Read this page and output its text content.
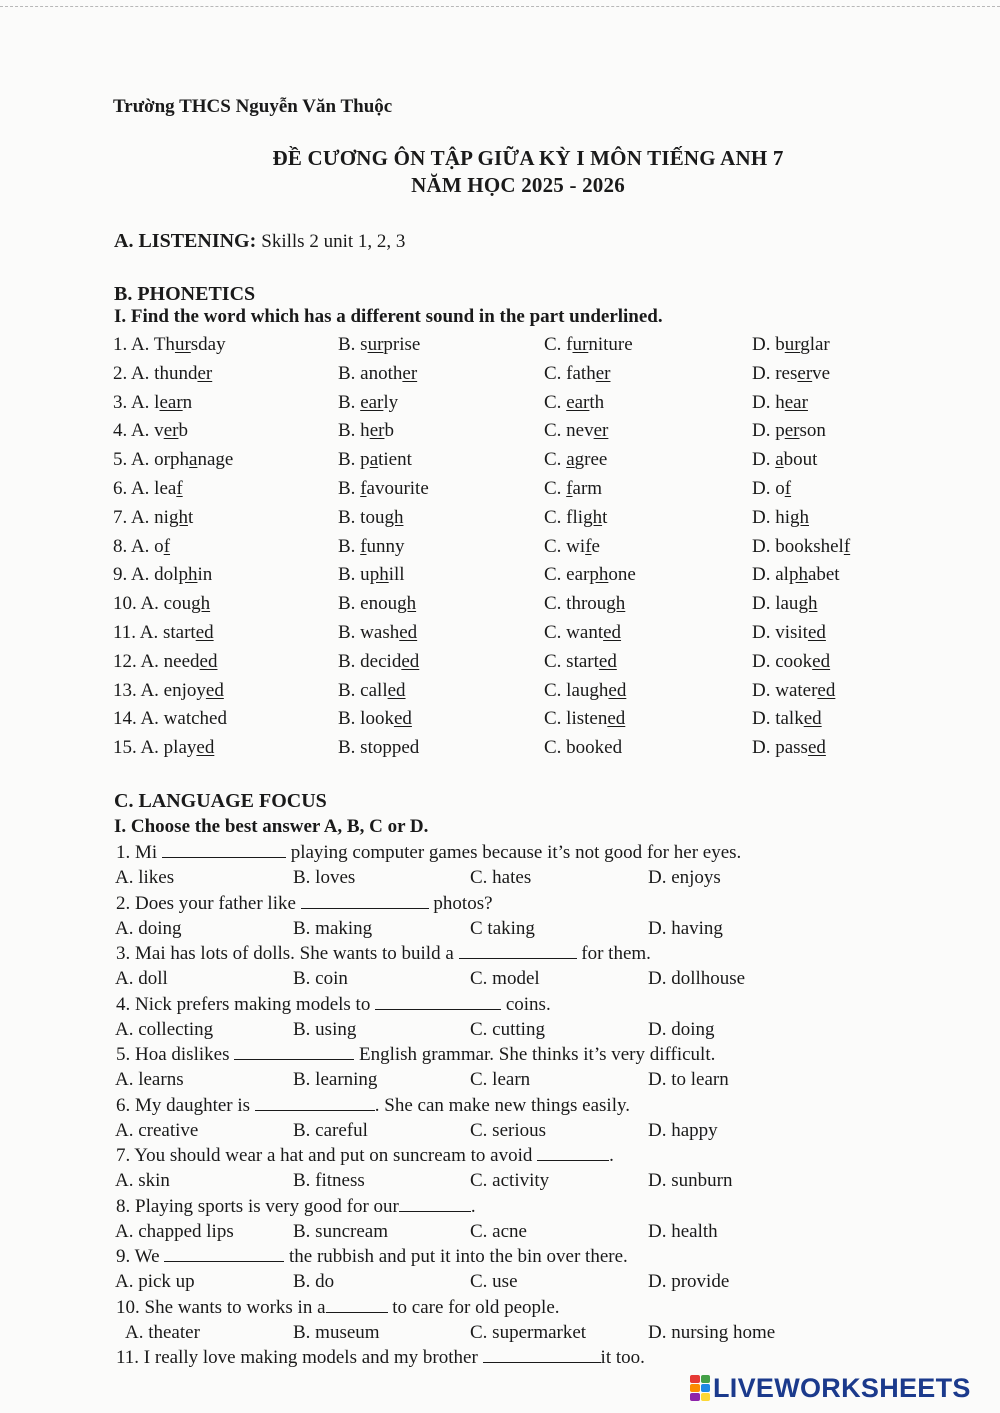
Trường THCS Nguyễn Văn Thuộc
ĐỀ CƯƠNG ÔN TẬP GIỮA KỲ I MÔN TIẾNG ANH 7
NĂM HỌC 2025 - 2026
A. LISTENING: Skills 2 unit 1, 2, 3
B. PHONETICS
I. Find the word which has a different sound in the part underlined.
1. A. Thursday	B. surprise	C. furniture	D. burglar
2. A. thunder	B. another	C. father	D. reserve
3. A. learn	B. early	C. earth	D. hear
4. A. verb	B. herb	C. never	D. person
5. A. orphanage	B. patient	C. agree	D. about
6. A. leaf	B. favourite	C. farm	D. of
7. A. night	B. tough	C. flight	D. high
8. A. of	B. funny	C. wife	D. bookshelf
9. A. dolphin	B. uphill	C. earphone	D. alphabet
10. A. cough	B. enough	C. through	D. laugh
11. A. started	B. washed	C. wanted	D. visited
12. A. needed	B. decided	C. started	D. cooked
13. A. enjoyed	B. called	C. laughed	D. watered
14. A. watched	B. looked	C. listened	D. talked
15. A. played	B. stopped	C. booked	D. passed
C. LANGUAGE FOCUS
I. Choose the best answer A, B, C or D.
1. Mi	playing computer games because it’s not good for her eyes.
A. likes	B. loves	C. hates	D. enjoys
2. Does your father like	photos?
A. doing	B. making	C taking	D. having
3. Mai has lots of dolls. She wants to build a	for them.
A. doll	B. coin	C. model	D. dollhouse
4. Nick prefers making models to	coins.
A. collecting	B. using	C. cutting	D. doing
5. Hoa dislikes	English grammar. She thinks it’s very difficult.
A. learns	B. learning	C. learn	D. to learn
6. My daughter is	. She can make new things easily.
A. creative	B. careful	C. serious	D. happy
7. You should wear a hat and put on suncream to avoid	.
A. skin	B. fitness	C. activity	D. sunburn
8. Playing sports is very good for our	.
A. chapped lips	B. suncream	C. acne	D. health
9. We	the rubbish and put it into the bin over there.
A. pick up	B. do	C. use	D. provide
10. She wants to works in a	to care for old people.
A. theater	B. museum	C. supermarket	D. nursing home
11. I really love making models and my brother	it too.
LIVEWORKSHEETS
